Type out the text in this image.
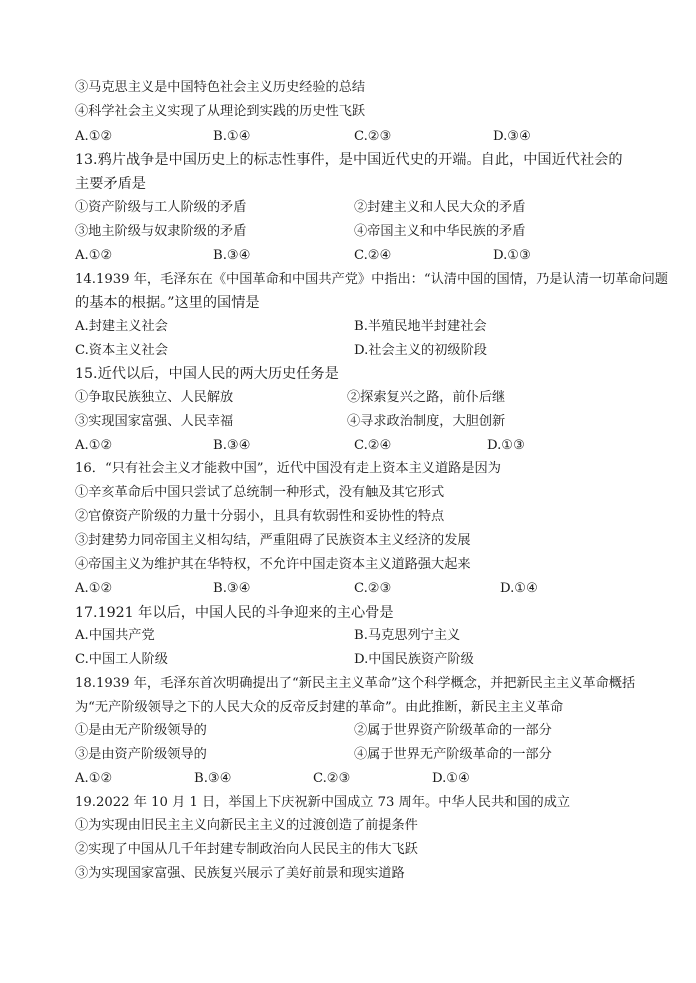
③马克思主义是中国特色社会主义历史经验的总结
④科学社会主义实现了从理论到实践的历史性飞跃
A.①②	B.①④	C.②③	D.③④
13.鸦片战争是中国历史上的标志性事件，是中国近代史的开端。自此，中国近代社会的
主要矛盾是
①资产阶级与工人阶级的矛盾	②封建主义和人民大众的矛盾
③地主阶级与奴隶阶级的矛盾	④帝国主义和中华民族的矛盾
A.①②	B.③④	C.②④	D.①③
14.1939 年，毛泽东在《中国革命和中国共产党》中指出：“认清中国的国情，乃是认清一切革命问题
的基本的根据。”这里的国情是
A.封建主义社会	B.半殖民地半封建社会
C.资本主义社会	D.社会主义的初级阶段
15.近代以后，中国人民的两大历史任务是
①争取民族独立、人民解放	②探索复兴之路，前仆后继
③实现国家富强、人民幸福	④寻求政治制度，大胆创新
A.①②	B.③④	C.②④	D.①③
16．“只有社会主义才能救中国”，近代中国没有走上资本主义道路是因为
①辛亥革命后中国只尝试了总统制一种形式，没有触及其它形式
②官僚资产阶级的力量十分弱小，且具有软弱性和妥协性的特点
③封建势力同帝国主义相勾结，严重阻碍了民族资本主义经济的发展
④帝国主义为维护其在华特权，不允许中国走资本主义道路强大起来
A.①②	B.③④	C.②③	D.①④
17.1921 年以后，中国人民的斗争迎来的主心骨是
A.中国共产党	B.马克思列宁主义
C.中国工人阶级	D.中国民族资产阶级
18.1939 年，毛泽东首次明确提出了“新民主主义革命”这个科学概念，并把新民主主义革命概括
为“无产阶级领导之下的人民大众的反帝反封建的革命”。由此推断，新民主主义革命
①是由无产阶级领导的	②属于世界资产阶级革命的一部分
③是由资产阶级领导的	④属于世界无产阶级革命的一部分
A.①②	B.③④	C.②③	D.①④
19.2022 年 10 月 1 日，举国上下庆祝新中国成立 73 周年。中华人民共和国的成立
①为实现由旧民主主义向新民主主义的过渡创造了前提条件
②实现了中国从几千年封建专制政治向人民民主的伟大飞跃
③为实现国家富强、民族复兴展示了美好前景和现实道路
